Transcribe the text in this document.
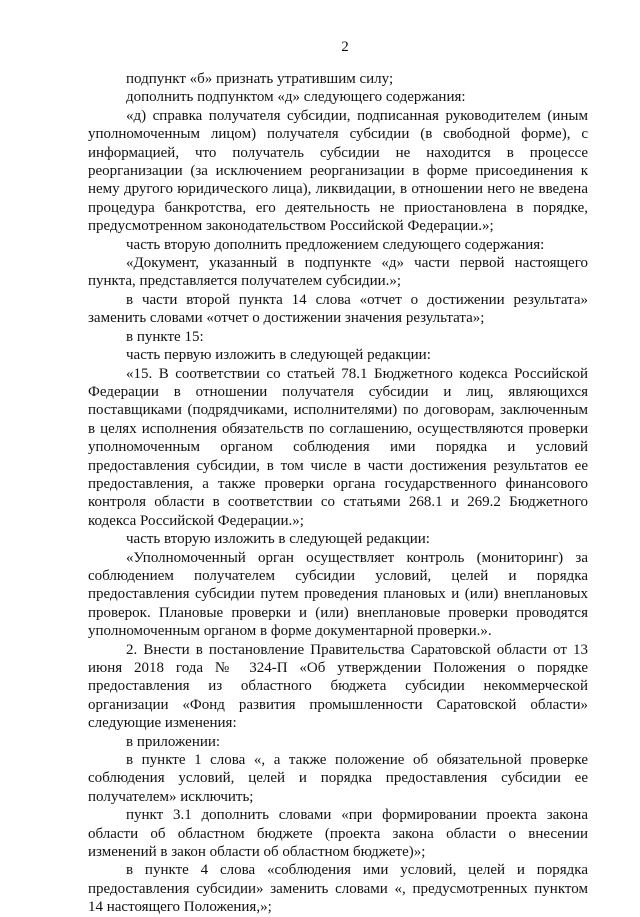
2

подпункт «б» признать утратившим силу;

дополнить подпунктом «д» следующего содержания:

«д) справка получателя субсидии, подписанная руководителем (иным уполномоченным лицом) получателя субсидии (в свободной форме), с информацией, что получатель субсидии не находится в процессе реорганизации (за исключением реорганизации в форме присоединения к нему другого юридического лица), ликвидации, в отношении него не введена процедура банкротства, его деятельность не приостановлена в порядке, предусмотренном законодательством Российской Федерации.»;

часть вторую дополнить предложением следующего содержания:

«Документ, указанный в подпункте «д» части первой настоящего пункта, представляется получателем субсидии.»;

в части второй пункта 14 слова «отчет о достижении результата» заменить словами «отчет о достижении значения результата»;

в пункте 15:

часть первую изложить в следующей редакции:

«15. В соответствии со статьей 78.1 Бюджетного кодекса Российской Федерации в отношении получателя субсидии и лиц, являющихся поставщиками (подрядчиками, исполнителями) по договорам, заключенным в целях исполнения обязательств по соглашению, осуществляются проверки уполномоченным органом соблюдения ими порядка и условий предоставления субсидии, в том числе в части достижения результатов ее предоставления, а также проверки органа государственного финансового контроля области в соответствии со статьями 268.1 и 269.2 Бюджетного кодекса Российской Федерации.»;

часть вторую изложить в следующей редакции:

«Уполномоченный орган осуществляет контроль (мониторинг) за соблюдением получателем субсидии условий, целей и порядка предоставления субсидии путем проведения плановых и (или) внеплановых проверок. Плановые проверки и (или) внеплановые проверки проводятся уполномоченным органом в форме документарной проверки.».

2. Внести в постановление Правительства Саратовской области от 13 июня 2018 года № 324-П «Об утверждении Положения о порядке предоставления из областного бюджета субсидии некоммерческой организации «Фонд развития промышленности Саратовской области» следующие изменения:

в приложении:

в пункте 1 слова «, а также положение об обязательной проверке соблюдения условий, целей и порядка предоставления субсидии ее получателем» исключить;

пункт 3.1 дополнить словами «при формировании проекта закона области об областном бюджете (проекта закона области о внесении изменений в закон области об областном бюджете)»;

в пункте 4 слова «соблюдения ими условий, целей и порядка предоставления субсидии» заменить словами «, предусмотренных пунктом 14 настоящего Положения,»;
